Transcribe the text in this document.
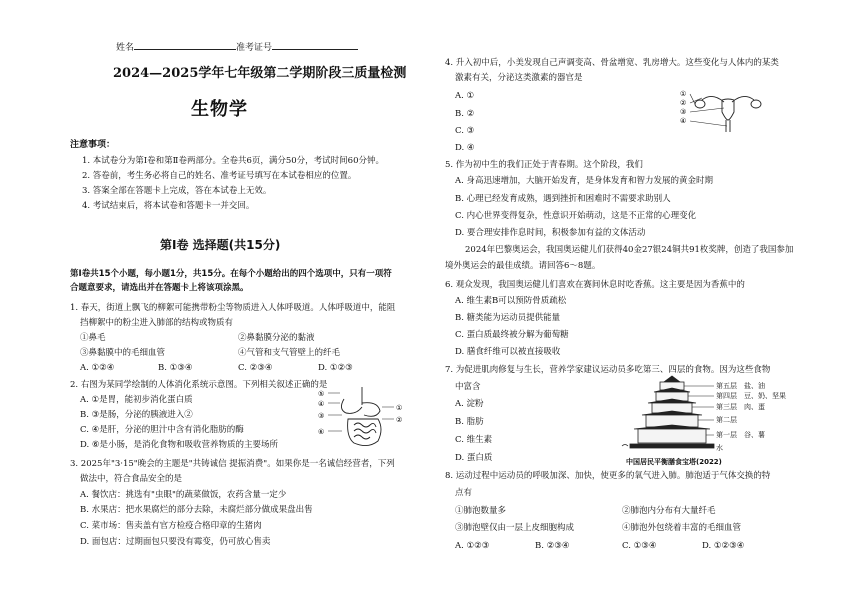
姓名	准考证号
2024—2025学年七年级第二学期阶段三质量检测
生物学
注意事项：
1. 本试卷分为第Ⅰ卷和第Ⅱ卷两部分。全卷共6页，满分50分，考试时间60分钟。
2. 答卷前，考生务必将自己的姓名、准考证号填写在本试卷相应的位置。
3. 答案全部在答题卡上完成，答在本试卷上无效。
4. 考试结束后，将本试卷和答题卡一并交回。
第Ⅰ卷 选择题(共15分)
第Ⅰ卷共15个小题，每小题1分，共15分。在每个小题给出的四个选项中，只有一项符
合题意要求，请选出并在答题卡上将该项涂黑。
1. 春天，街道上飘飞的柳絮可能携带粉尘等物质进入人体呼吸道。人体呼吸道中，能阻
挡柳絮中的粉尘进入肺部的结构或物质有
①鼻毛	②鼻黏膜分泌的黏液
③鼻黏膜中的毛细血管	④气管和支气管壁上的纤毛
A. ①②④	B. ①③④	C. ②③④	D. ①②③
2. 右图为某同学绘制的人体消化系统示意图。下列相关叙述正确的是
A. ①是胃，能初步消化蛋白质
B. ③是肠，分泌的胰液进入②
C. ④是肝，分泌的胆汁中含有消化脂肪的酶
D. ⑥是小肠，是消化食物和吸收营养物质的主要场所
⑤
④
③
⑥
①
②
3. 2025年"3·15"晚会的主题是"共铸诚信 提振消费"。如果你是一名诚信经营者，下列
做法中，符合食品安全的是
A. 餐饮店：挑选有"虫眼"的蔬菜做饭，农药含量一定少
B. 水果店：把水果腐烂的部分去除，未腐烂部分做成果盘出售
C. 菜市场：售卖盖有官方检疫合格印章的生猪肉
D. 面包店：过期面包只要没有霉变，仍可放心售卖
4. 升入初中后，小美发现自己声调变高、骨盆增宽、乳房增大。这些变化与人体内的某类
激素有关，分泌这类激素的器官是
A. ①
B. ②
C. ③
D. ④
①
②
③
④
5. 作为初中生的我们正处于青春期。这个阶段，我们
A. 身高迅速增加，大脑开始发育，是身体发育和智力发展的黄金时期
B. 心理已经发育成熟，遇到挫折和困难时不需要求助别人
C. 内心世界变得复杂，性意识开始萌动，这是不正常的心理变化
D. 要合理安排作息时间，积极参加有益的文体活动
2024年巴黎奥运会，我国奥运健儿们获得40金27银24铜共91枚奖牌，创造了我国参加
境外奥运会的最佳成绩。请回答6～8题。
6. 观众发现，我国奥运健儿们喜欢在赛间休息时吃香蕉。这主要是因为香蕉中的
A. 维生素B可以预防骨质疏松
B. 糖类能为运动员提供能量
C. 蛋白质最终被分解为葡萄糖
D. 膳食纤维可以被直接吸收
7. 为促进肌肉修复与生长，营养学家建议运动员多吃第三、四层的食物。因为这些食物
中富含
A. 淀粉
B. 脂肪
C. 维生素
D. 蛋白质
第五层 盐、油
第四层 豆、奶、坚果
第三层 肉、蛋
第二层
第一层 谷、薯
水
中国居民平衡膳食宝塔(2022)
8. 运动过程中运动员的呼吸加深、加快，使更多的氧气进入肺。肺泡适于气体交换的特
点有
①肺泡数量多	②肺泡内分布有大量纤毛
③肺泡壁仅由一层上皮细胞构成	④肺泡外包绕着丰富的毛细血管
A. ①②③	B. ②③④	C. ①③④	D. ①②③④
